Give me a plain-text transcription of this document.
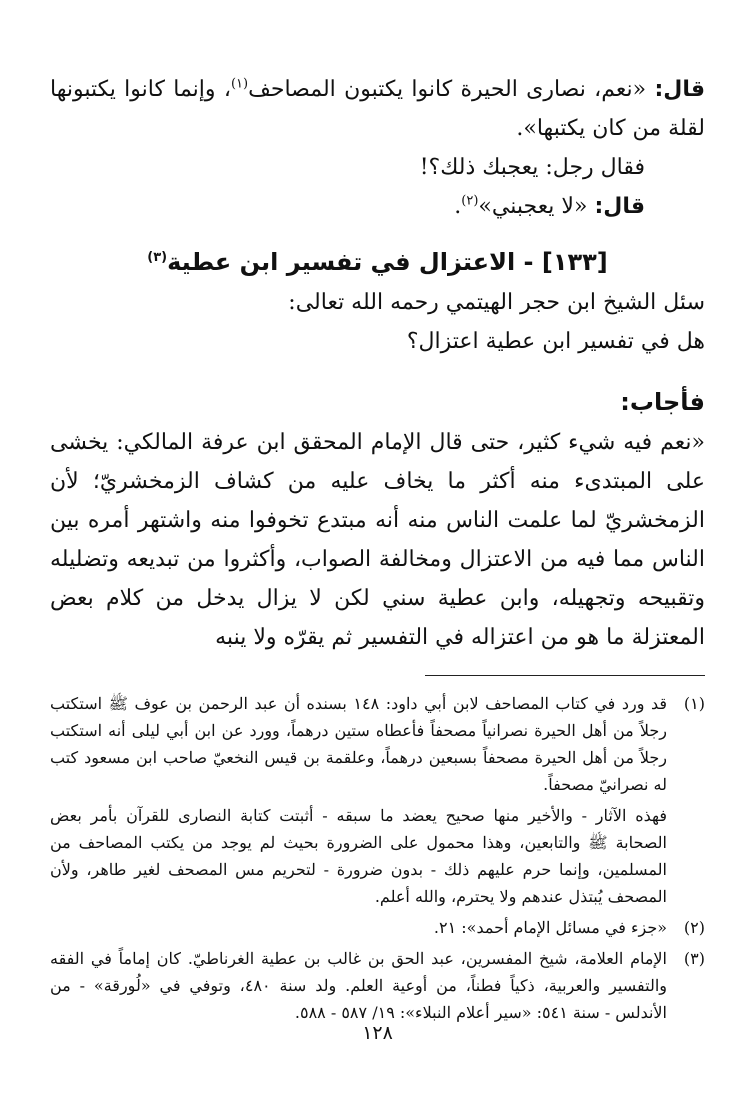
قال: «نعم، نصارى الحيرة كانوا يكتبون المصاحف$^{(١)}$، وإنما كانوا يكتبونها لقلة من كان يكتبها».

فقال رجل: يعجبك ذلك؟!

قال: «لا يعجبني»$^{(٢)}$.

[١٣٣] - الاعتزال في تفسير ابن عطية$^{(٣)}$

سئل الشيخ ابن حجر الهيتمي رحمه الله تعالى:

هل في تفسير ابن عطية اعتزال؟

فأجاب:

«نعم فيه شيء كثير، حتى قال الإمام المحقق ابن عرفة المالكي: يخشى على المبتدىء منه أكثر ما يخاف عليه من كشاف الزمخشريّ؛ لأن الزمخشريّ لما علمت الناس منه أنه مبتدع تخوفوا منه واشتهر أمره بين الناس مما فيه من الاعتزال ومخالفة الصواب، وأكثروا من تبديعه وتضليله وتقبيحه وتجهيله، وابن عطية سني لكن لا يزال يدخل من كلام بعض المعتزلة ما هو من اعتزاله في التفسير ثم يقرّه ولا ينبه

(١)
قد ورد في كتاب المصاحف لابن أبي داود: ١٤٨ بسنده أن عبد الرحمن بن عوف ﷺ استكتب رجلاً من أهل الحيرة نصرانياً مصحفاً فأعطاه ستين درهماً، وورد عن ابن أبي ليلى أنه استكتب رجلاً من أهل الحيرة مصحفاً بسبعين درهماً، وعلقمة بن قيس النخعيّ صاحب ابن مسعود كتب له نصرانيّ مصحفاً.
فهذه الآثار - والأخير منها صحيح يعضد ما سبقه - أثبتت كتابة النصارى للقرآن بأمر بعض الصحابة ﷺ والتابعين، وهذا محمول على الضرورة بحيث لم يوجد من يكتب المصاحف من المسلمين، وإنما حرم عليهم ذلك - بدون ضرورة - لتحريم مس المصحف لغير طاهر، ولأن المصحف يُبتذل عندهم ولا يحترم، والله أعلم.
(٢)
«جزء في مسائل الإمام أحمد»: ٢١.
(٣)
الإمام العلامة، شيخ المفسرين، عبد الحق بن غالب بن عطية الغرناطيّ. كان إماماً في الفقه والتفسير والعربية، ذكياً فطناً، من أوعية العلم. ولد سنة ٤٨٠، وتوفي في «لُورقة» - من الأندلس - سنة ٥٤١: «سير أعلام النبلاء»: ١٩/ ٥٨٧ - ٥٨٨.
١٢٨
